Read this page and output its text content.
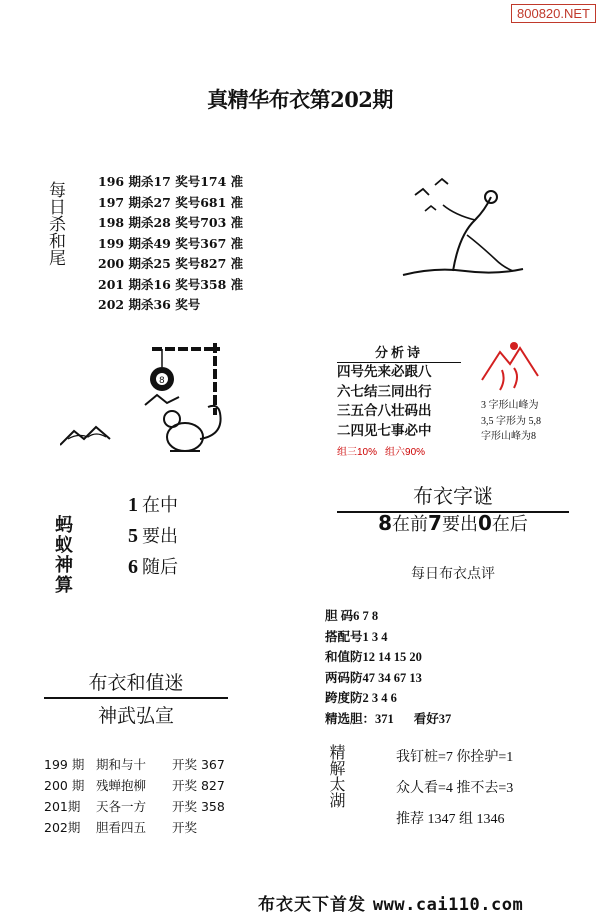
800820.NET
真精华布衣第202期
每日杀和尾	196 期杀17 奖号174 准
197 期杀27 奖号681 准
198 期杀28 奖号703 准
199 期杀49 奖号367 准
200 期杀25 奖号827 准
201 期杀16 奖号358 准
202 期杀36 奖号
8
分析诗
四号先来必跟八
六七结三同出行
三五合八壮码出
二四见七事必中
组三10% 组六90%
3 字形山峰为
3,5 字形为 5,8
字形山峰为8
蚂蚁神算
1 在中
5 要出
6 随后
布衣字谜
8在前7要出0在后
每日布衣点评
胆 码6 7 8
搭配号1 3 4
和值防12 14 15 20
两码防47 34 67 13
跨度防2 3 4 6
精选胆：371 看好37
布衣和值迷
神武弘宣
199 期 期和与十 开奖 367
200 期 残蝉抱柳 开奖 827
201期 天各一方 开奖 358
202期 胆看四五 开奖
精解太湖	我钉桩=7 你拴驴=1
众人看=4 推不去=3
推荐 1347 组 1346
布衣天下首发 www.cai110.com
